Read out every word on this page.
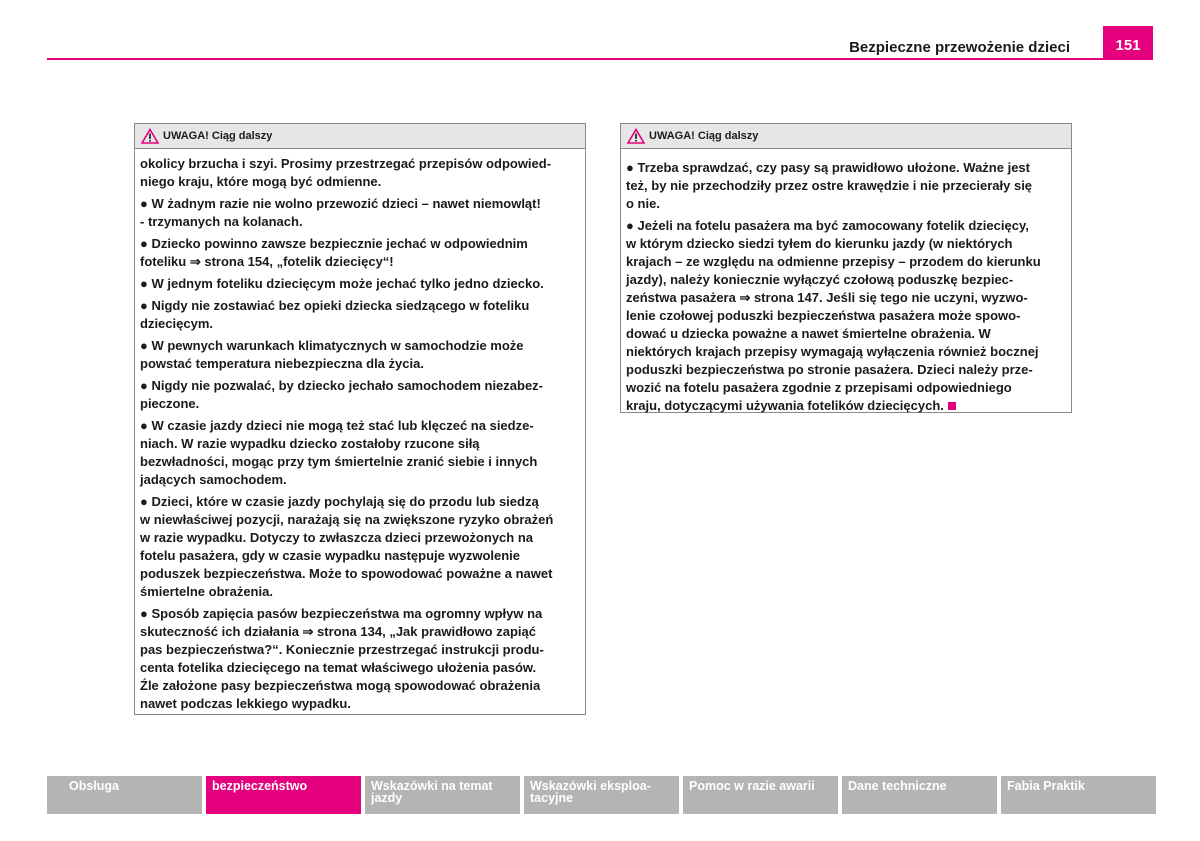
Bezpieczne przewożenie dzieci	151
UWAGA! Ciąg dalszy
okolicy brzucha i szyi. Prosimy przestrzegać przepisów odpowied-
niego kraju, które mogą być odmienne.
● W żadnym razie nie wolno przewozić dzieci – nawet niemowląt!
- trzymanych na kolanach.
● Dziecko powinno zawsze bezpiecznie jechać w odpowiednim
foteliku ⇒ strona 154, „fotelik dziecięcy“!
● W jednym foteliku dziecięcym może jechać tylko jedno dziecko.
● Nigdy nie zostawiać bez opieki dziecka siedzącego w foteliku
dziecięcym.
● W pewnych warunkach klimatycznych w samochodzie może
powstać temperatura niebezpieczna dla życia.
● Nigdy nie pozwalać, by dziecko jechało samochodem niezabez-
pieczone.
● W czasie jazdy dzieci nie mogą też stać lub klęczeć na siedze-
niach. W razie wypadku dziecko zostałoby rzucone siłą
bezwładności, mogąc przy tym śmiertelnie zranić siebie i innych
jadących samochodem.
● Dzieci, które w czasie jazdy pochylają się do przodu lub siedzą
w niewłaściwej pozycji, narażają się na zwiększone ryzyko obrażeń
w razie wypadku. Dotyczy to zwłaszcza dzieci przewożonych na
fotelu pasażera, gdy w czasie wypadku następuje wyzwolenie
poduszek bezpieczeństwa. Może to spowodować poważne a nawet
śmiertelne obrażenia.
● Sposób zapięcia pasów bezpieczeństwa ma ogromny wpływ na
skuteczność ich działania ⇒ strona 134, „Jak prawidłowo zapiąć
pas bezpieczeństwa?“. Koniecznie przestrzegać instrukcji produ-
centa fotelika dziecięcego na temat właściwego ułożenia pasów.
Źle założone pasy bezpieczeństwa mogą spowodować obrażenia
nawet podczas lekkiego wypadku.
UWAGA! Ciąg dalszy
● Trzeba sprawdzać, czy pasy są prawidłowo ułożone. Ważne jest
też, by nie przechodziły przez ostre krawędzie i nie przecierały się
o nie.
● Jeżeli na fotelu pasażera ma być zamocowany fotelik dziecięcy,
w którym dziecko siedzi tyłem do kierunku jazdy (w niektórych
krajach – ze względu na odmienne przepisy – przodem do kierunku
jazdy), należy koniecznie wyłączyć czołową poduszkę bezpiec-
zeństwa pasażera ⇒ strona 147. Jeśli się tego nie uczyni, wyzwo-
lenie czołowej poduszki bezpieczeństwa pasażera może spowo-
dować u dziecka poważne a nawet śmiertelne obrażenia. W
niektórych krajach przepisy wymagają wyłączenia również bocznej
poduszki bezpieczeństwa po stronie pasażera. Dzieci należy prze-
wozić na fotelu pasażera zgodnie z przepisami odpowiedniego
kraju, dotyczącymi używania fotelików dziecięcych.
Obsługa	bezpieczeństwo	Wskazówki na temat jazdy
Wskazówki eksploa- tacyjne
Pomoc w razie awarii	Dane techniczne	Fabia Praktik
